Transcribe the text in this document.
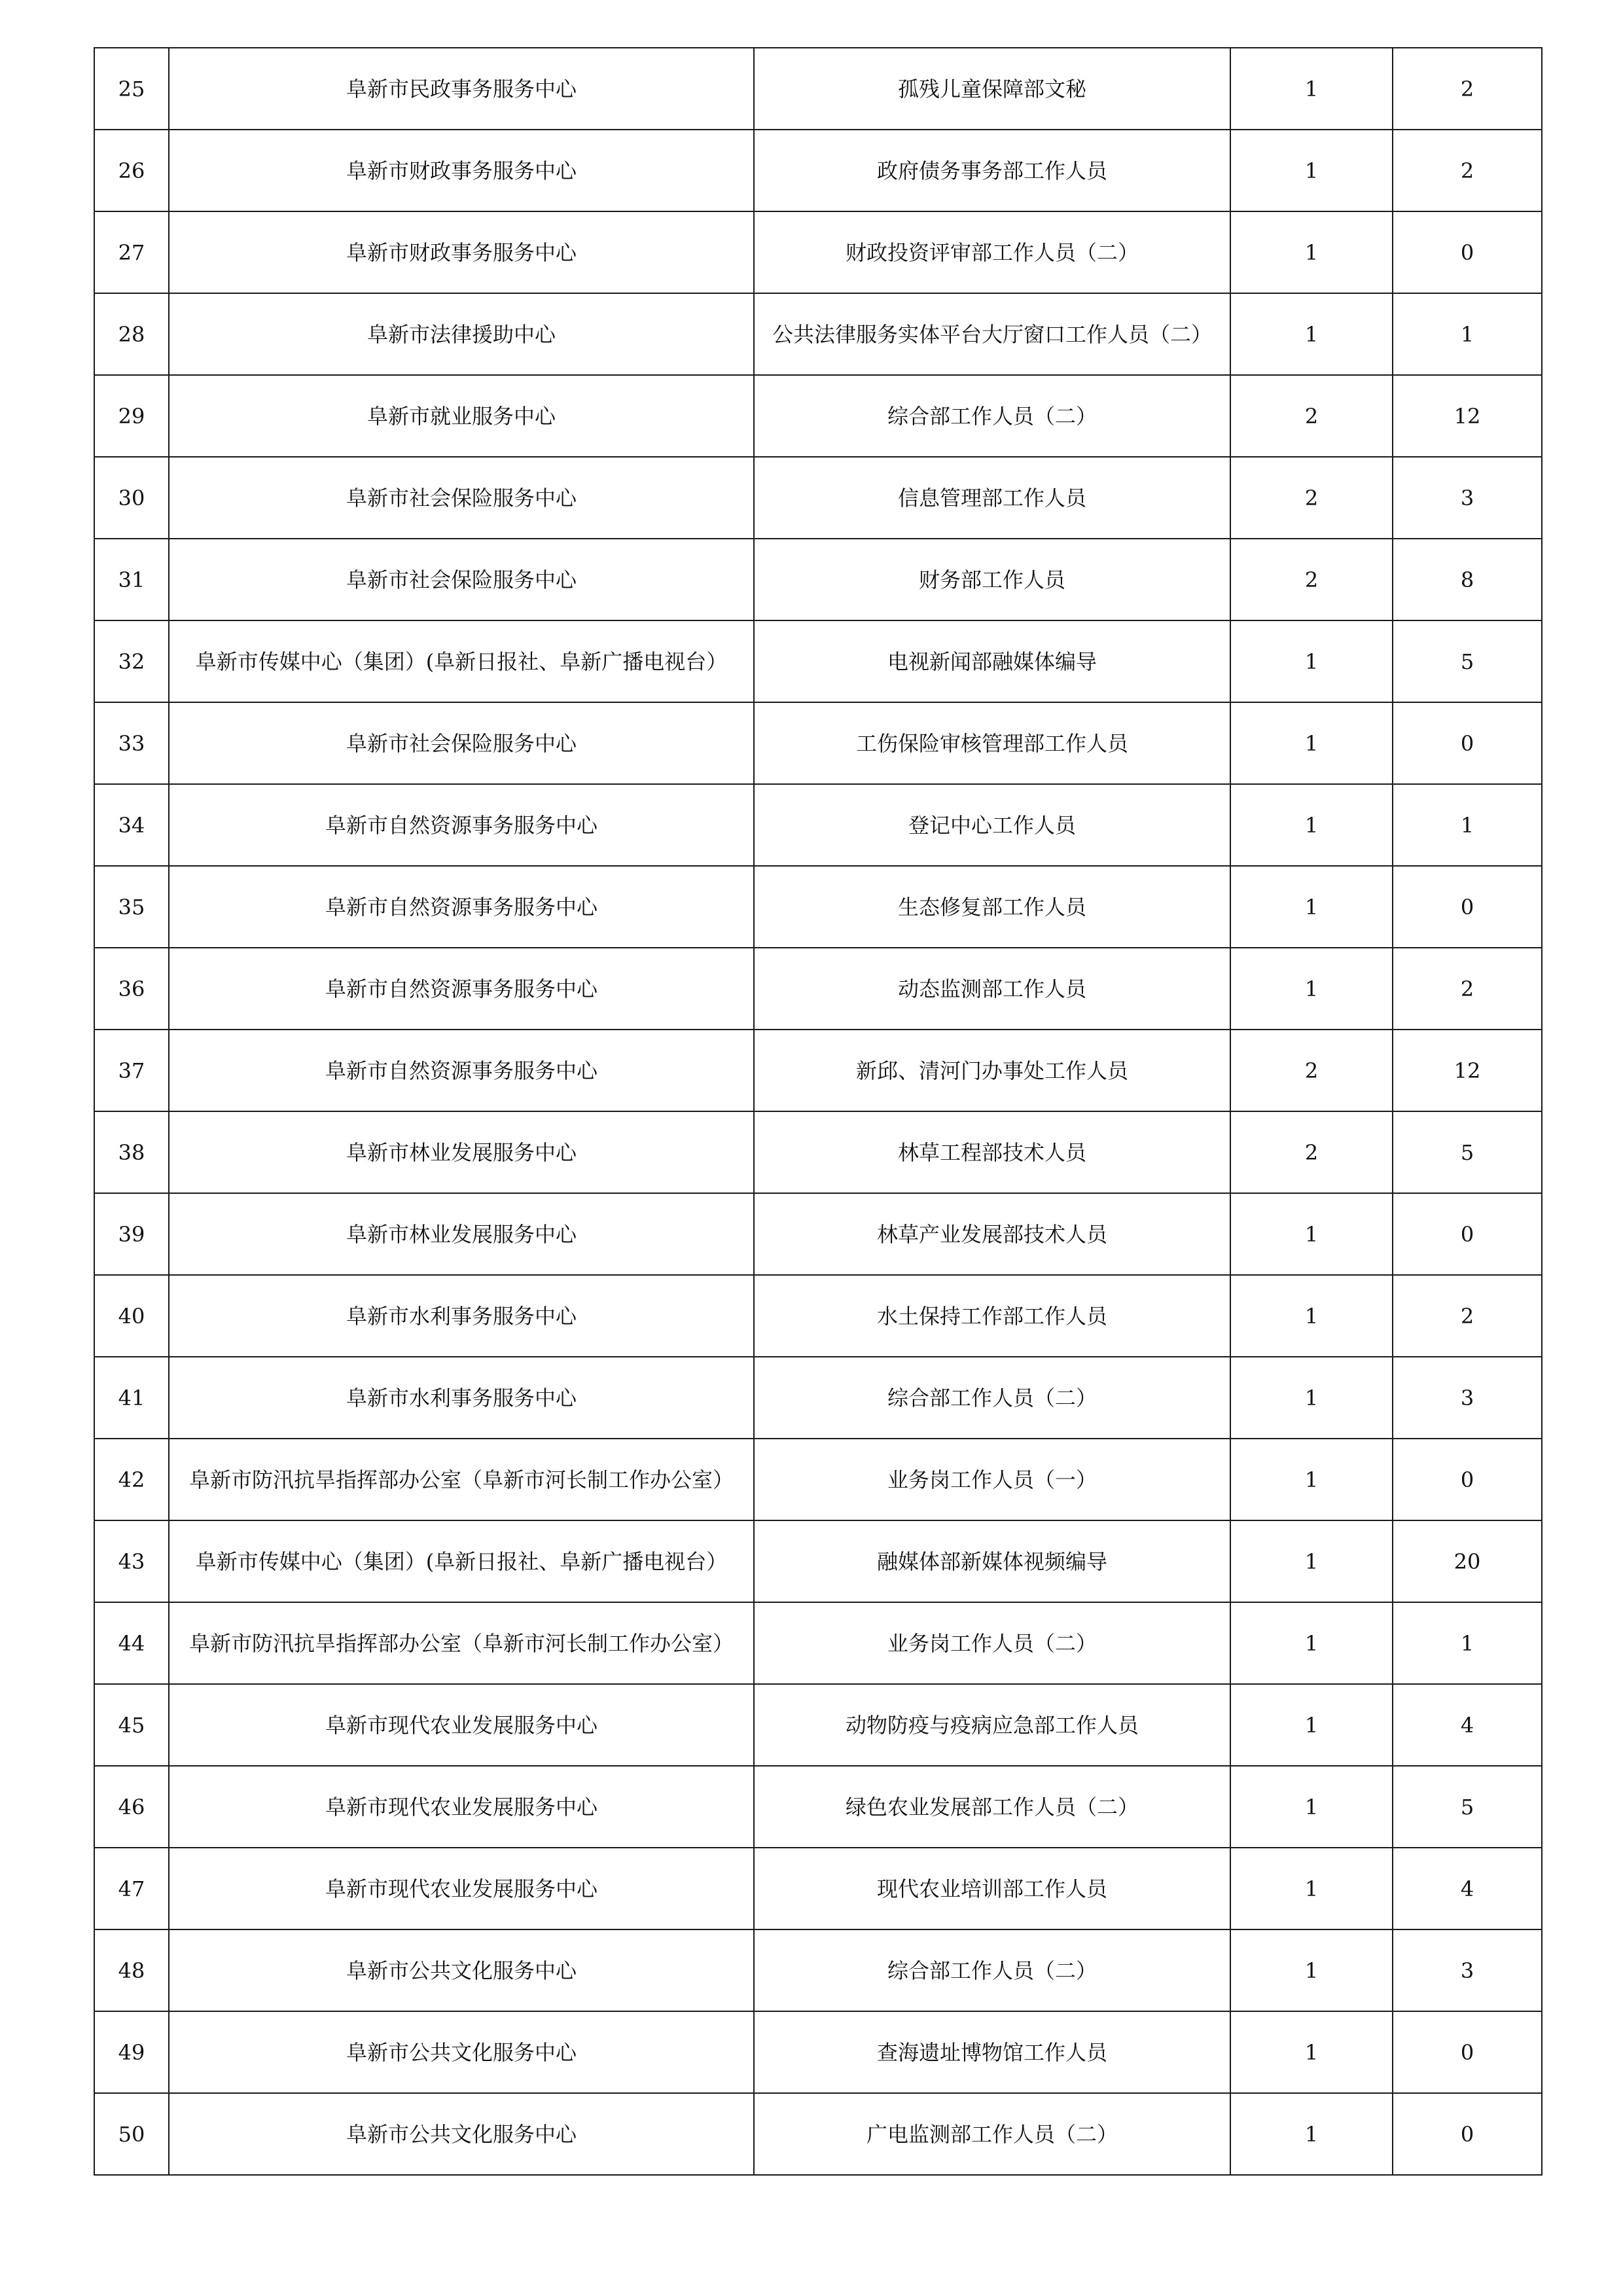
25	阜新市民政事务服务中心	孤残儿童保障部文秘	1	2
26	阜新市财政事务服务中心	政府债务事务部工作人员	1	2
27	阜新市财政事务服务中心	财政投资评审部工作人员（二）	1	0
28	阜新市法律援助中心	公共法律服务实体平台大厅窗口工作人员（二）	1	1
29	阜新市就业服务中心	综合部工作人员（二）	2	12
30	阜新市社会保险服务中心	信息管理部工作人员	2	3
31	阜新市社会保险服务中心	财务部工作人员	2	8
32	阜新市传媒中心（集团）(阜新日报社、阜新广播电视台）	电视新闻部融媒体编导	1	5
33	阜新市社会保险服务中心	工伤保险审核管理部工作人员	1	0
34	阜新市自然资源事务服务中心	登记中心工作人员	1	1
35	阜新市自然资源事务服务中心	生态修复部工作人员	1	0
36	阜新市自然资源事务服务中心	动态监测部工作人员	1	2
37	阜新市自然资源事务服务中心	新邱、清河门办事处工作人员	2	12
38	阜新市林业发展服务中心	林草工程部技术人员	2	5
39	阜新市林业发展服务中心	林草产业发展部技术人员	1	0
40	阜新市水利事务服务中心	水土保持工作部工作人员	1	2
41	阜新市水利事务服务中心	综合部工作人员（二）	1	3
42	阜新市防汛抗旱指挥部办公室（阜新市河长制工作办公室）	业务岗工作人员（一）	1	0
43	阜新市传媒中心（集团）(阜新日报社、阜新广播电视台）	融媒体部新媒体视频编导	1	20
44	阜新市防汛抗旱指挥部办公室（阜新市河长制工作办公室）	业务岗工作人员（二）	1	1
45	阜新市现代农业发展服务中心	动物防疫与疫病应急部工作人员	1	4
46	阜新市现代农业发展服务中心	绿色农业发展部工作人员（二）	1	5
47	阜新市现代农业发展服务中心	现代农业培训部工作人员	1	4
48	阜新市公共文化服务中心	综合部工作人员（二）	1	3
49	阜新市公共文化服务中心	查海遗址博物馆工作人员	1	0
50	阜新市公共文化服务中心	广电监测部工作人员（二）	1	0
